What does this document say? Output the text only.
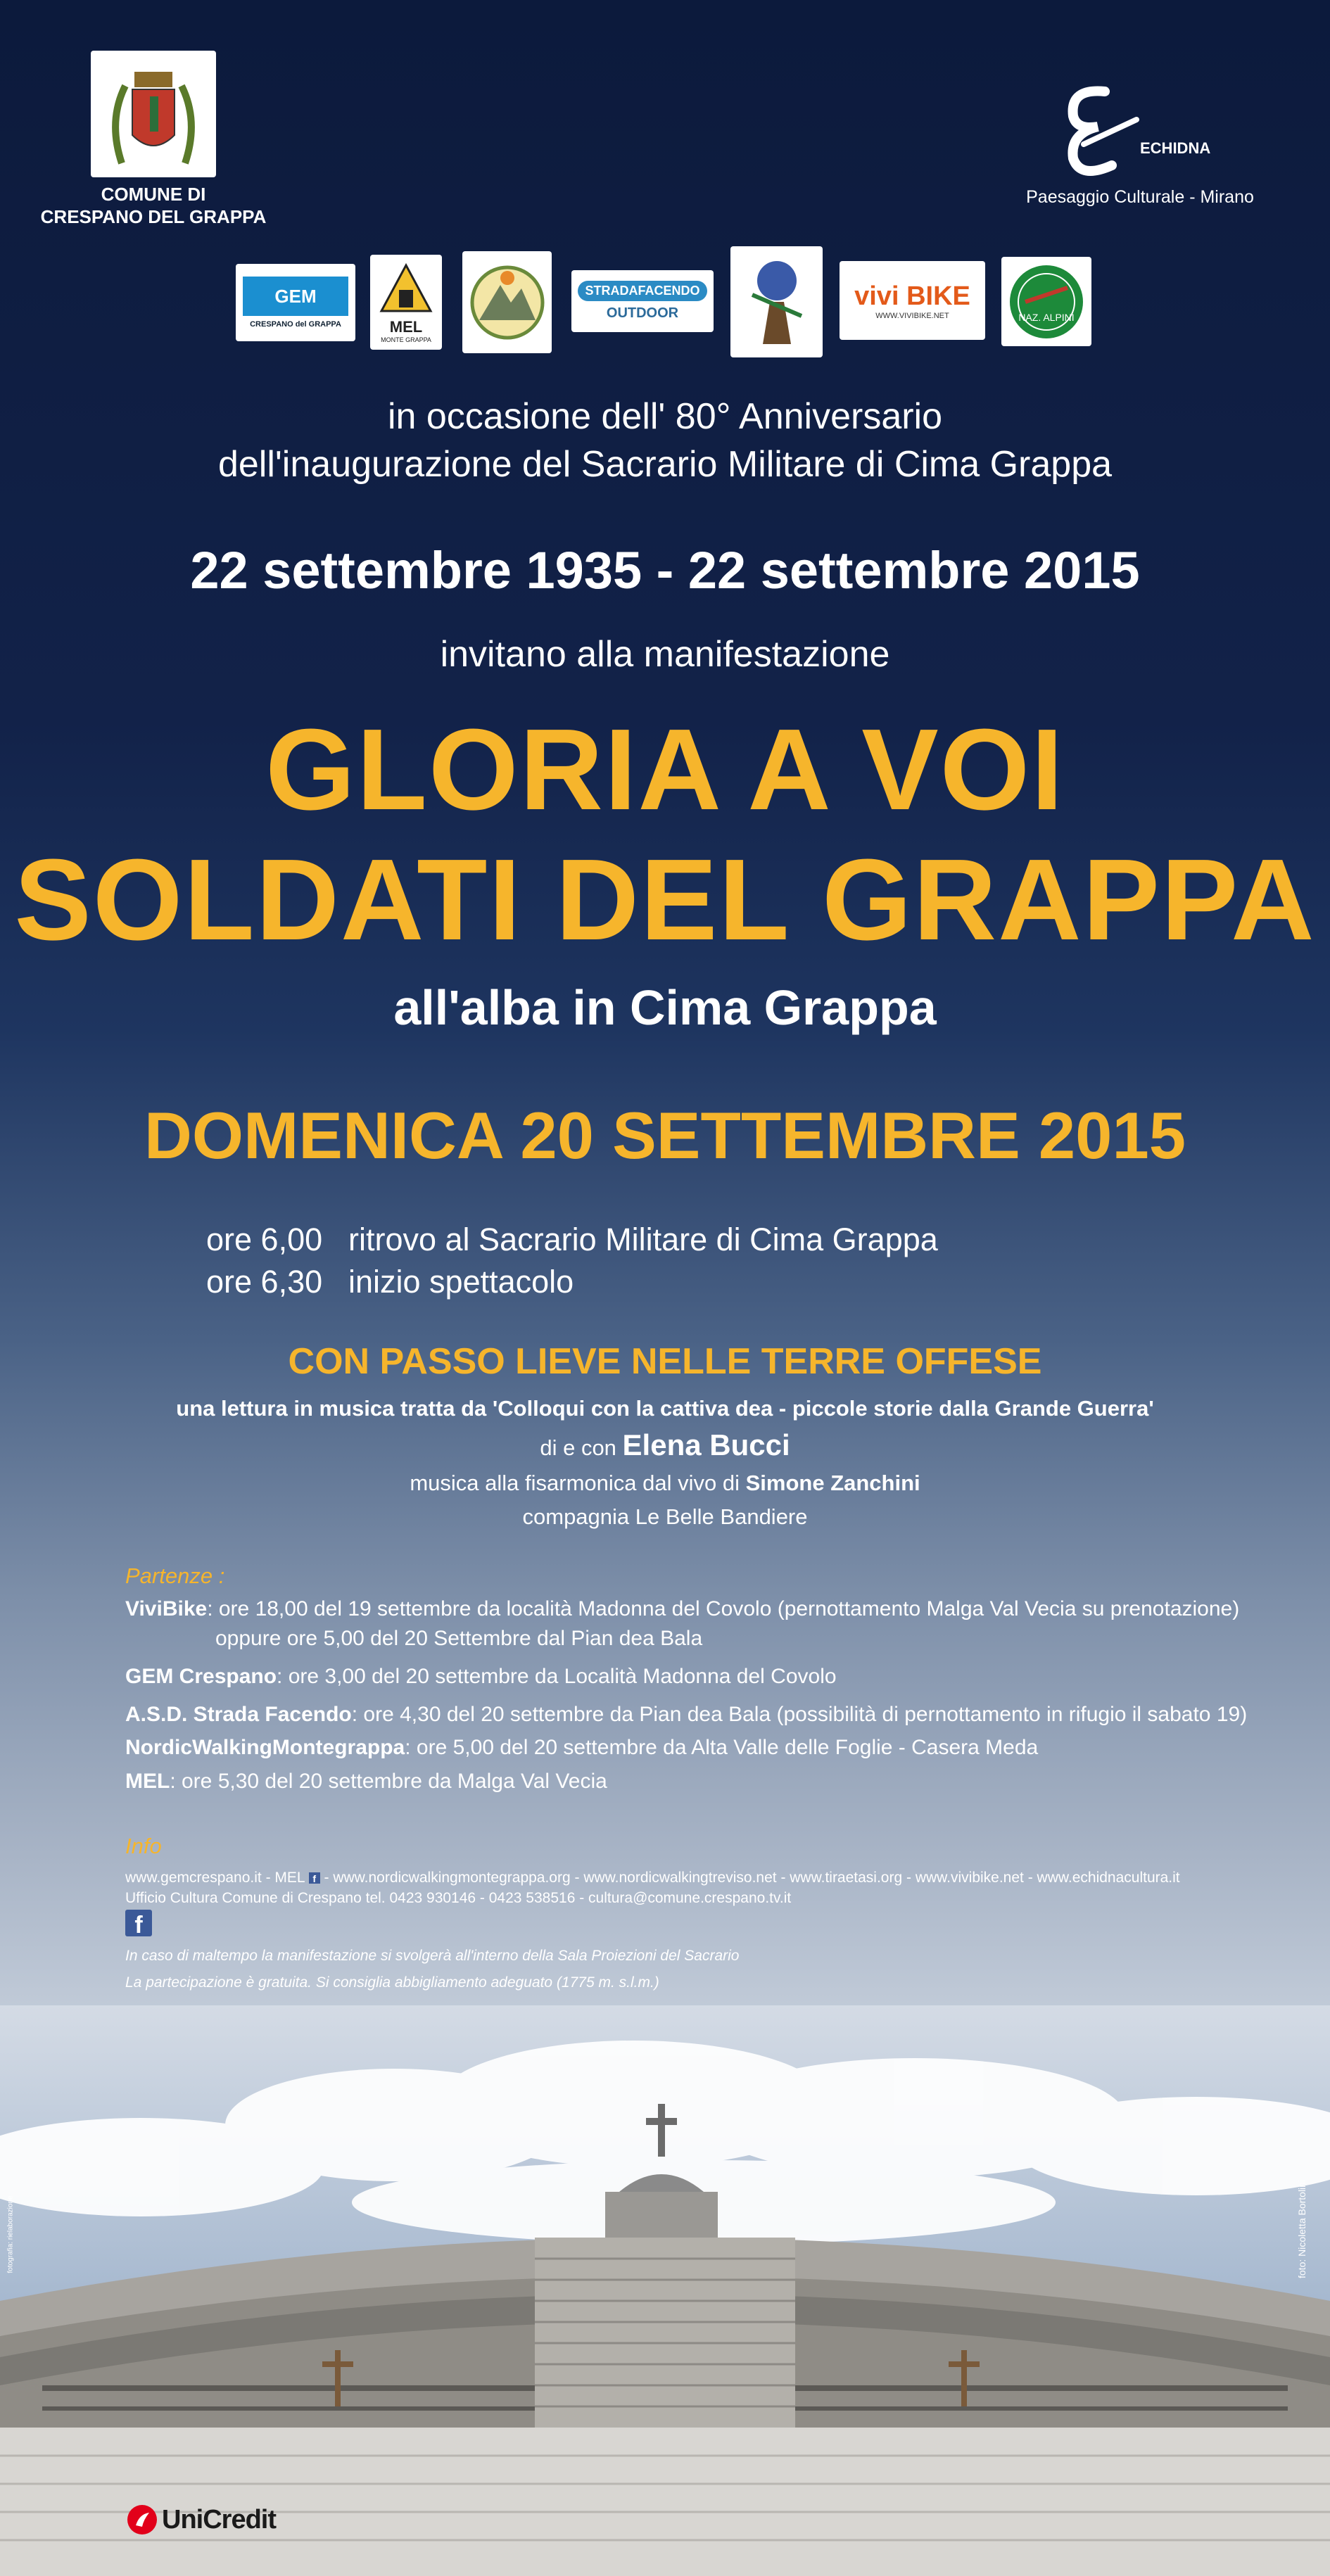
COMUNE DI
CRESPANO DEL GRAPPA
ECHIDNA
Paesaggio Culturale - Mirano
GEM
CRESPANO del GRAPPA	MEL
MONTE GRAPPA
STRADAFACENDO
OUTDOOR
vivi BIKE
WWW.VIVIBIKE.NET	NAZ. ALPINI
in occasione dell' 80° Anniversario
dell'inaugurazione del Sacrario Militare di Cima Grappa
22 settembre 1935 - 22 settembre 2015
invitano alla manifestazione
GLORIA A VOI
SOLDATI DEL GRAPPA
all'alba in Cima Grappa
DOMENICA 20 SETTEMBRE 2015
ore 6,00 ritrovo al Sacrario Militare di Cima Grappa
ore 6,30 inizio spettacolo
CON PASSO LIEVE NELLE TERRE OFFESE
una lettura in musica tratta da 'Colloqui con la cattiva dea - piccole storie dalla Grande Guerra'
di e con Elena Bucci
musica alla fisarmonica dal vivo di Simone Zanchini
compagnia Le Belle Bandiere
Partenze :
ViviBike: ore 18,00 del 19 settembre da località Madonna del Covolo (pernottamento Malga Val Vecia su prenotazione)
oppure ore 5,00 del 20 Settembre dal Pian dea Bala
GEM Crespano: ore 3,00 del 20 settembre da Località Madonna del Covolo
A.S.D. Strada Facendo: ore 4,30 del 20 settembre da Pian dea Bala (possibilità di pernottamento in rifugio il sabato 19)
NordicWalkingMontegrappa: ore 5,00 del 20 settembre da Alta Valle delle Foglie - Casera Meda
MEL: ore 5,30 del 20 settembre da Malga Val Vecia
Info
www.gemcrespano.it - MEL f - www.nordicwalkingmontegrappa.org - www.nordicwalkingtreviso.net - www.tiraetasi.org - www.vivibike.net - www.echidnacultura.it
Ufficio Cultura Comune di Crespano tel. 0423 930146 - 0423 538516 - cultura@comune.crespano.tv.it
f
In caso di maltempo la manifestazione si svolgerà all'interno della Sala Proiezioni del Sacrario
La partecipazione è gratuita. Si consiglia abbigliamento adeguato (1775 m. s.l.m.)
fotografia: rielaborazione	foto: Nicoletta Bortolini
UniCredit
